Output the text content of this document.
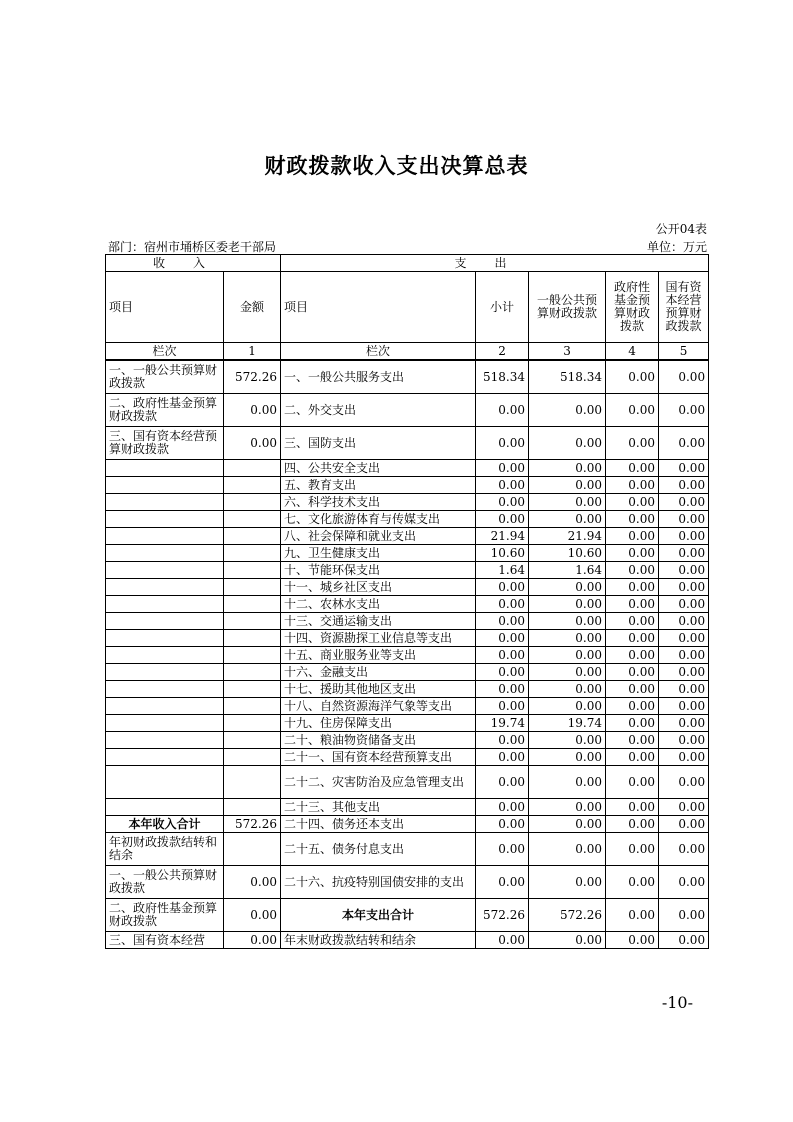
财政拨款收入支出决算总表
公开04表
部门：宿州市埇桥区委老干部局	单位：万元
收入		支出				
项目	金额	项目	小计	一般公共预算财政拨款	政府性基金预算财政拨款	国有资本经营预算财政拨款
栏次	1	栏次	2	3	4	5
一、一般公共预算财政拨款	572.26	一、一般公共服务支出	518.34	518.34	0.00	0.00
二、政府性基金预算财政拨款	0.00	二、外交支出	0.00	0.00	0.00	0.00
三、国有资本经营预算财政拨款	0.00	三、国防支出	0.00	0.00	0.00	0.00
		四、公共安全支出	0.00	0.00	0.00	0.00
		五、教育支出	0.00	0.00	0.00	0.00
		六、科学技术支出	0.00	0.00	0.00	0.00
		七、文化旅游体育与传媒支出	0.00	0.00	0.00	0.00
		八、社会保障和就业支出	21.94	21.94	0.00	0.00
		九、卫生健康支出	10.60	10.60	0.00	0.00
		十、节能环保支出	1.64	1.64	0.00	0.00
		十一、城乡社区支出	0.00	0.00	0.00	0.00
		十二、农林水支出	0.00	0.00	0.00	0.00
		十三、交通运输支出	0.00	0.00	0.00	0.00
		十四、资源勘探工业信息等支出	0.00	0.00	0.00	0.00
		十五、商业服务业等支出	0.00	0.00	0.00	0.00
		十六、金融支出	0.00	0.00	0.00	0.00
		十七、援助其他地区支出	0.00	0.00	0.00	0.00
		十八、自然资源海洋气象等支出	0.00	0.00	0.00	0.00
		十九、住房保障支出	19.74	19.74	0.00	0.00
		二十、粮油物资储备支出	0.00	0.00	0.00	0.00
		二十一、国有资本经营预算支出	0.00	0.00	0.00	0.00
		二十二、灾害防治及应急管理支出	0.00	0.00	0.00	0.00
		二十三、其他支出	0.00	0.00	0.00	0.00
本年收入合计	572.26	二十四、债务还本支出	0.00	0.00	0.00	0.00
年初财政拨款结转和结余		二十五、债务付息支出	0.00	0.00	0.00	0.00
一、一般公共预算财政拨款	0.00	二十六、抗疫特别国债安排的支出	0.00	0.00	0.00	0.00
二、政府性基金预算财政拨款	0.00	本年支出合计	572.26	572.26	0.00	0.00
三、国有资本经营	0.00	年末财政拨款结转和结余	0.00	0.00	0.00	0.00
-10-
